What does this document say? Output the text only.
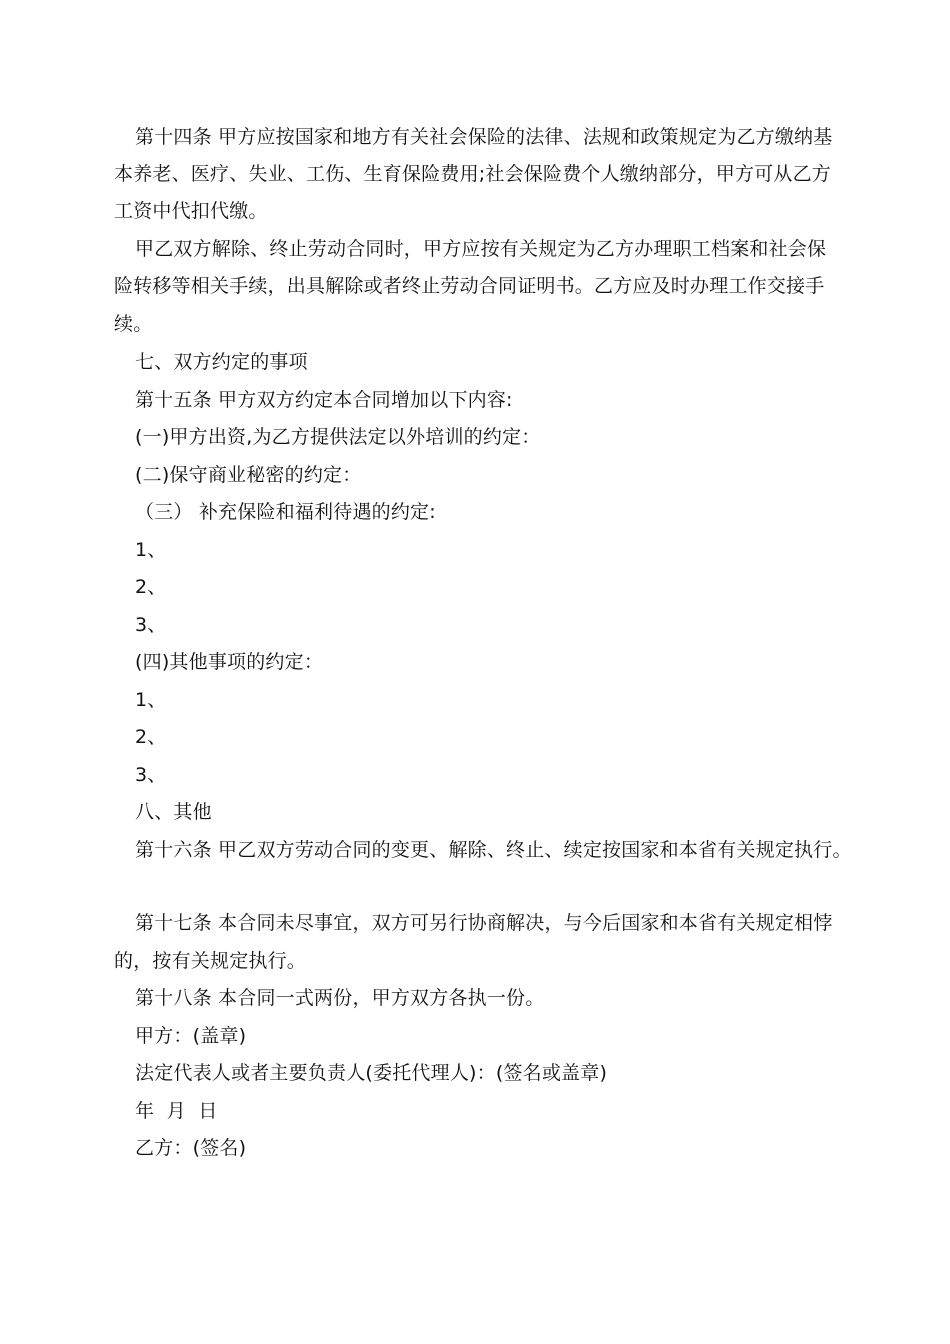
第十四条 甲方应按国家和地方有关社会保险的法律、法规和政策规定为乙方缴纳基
本养老、医疗、失业、工伤、生育保险费用;社会保险费个人缴纳部分，甲方可从乙方
工资中代扣代缴。
甲乙双方解除、终止劳动合同时，甲方应按有关规定为乙方办理职工档案和社会保
险转移等相关手续，出具解除或者终止劳动合同证明书。乙方应及时办理工作交接手
续。
七、双方约定的事项
第十五条 甲方双方约定本合同增加以下内容:
(一)甲方出资,为乙方提供法定以外培训的约定：
(二)保守商业秘密的约定：
（三） 补充保险和福利待遇的约定:
1、
2、
3、
(四)其他事项的约定：
1、
2、
3、
八、其他
第十六条 甲乙双方劳动合同的变更、解除、终止、续定按国家和本省有关规定执行。
第十七条 本合同未尽事宜，双方可另行协商解决，与今后国家和本省有关规定相悖
的，按有关规定执行。
第十八条 本合同一式两份，甲方双方各执一份。
甲方：(盖章)
法定代表人或者主要负责人(委托代理人)：(签名或盖章)
年  月  日
乙方：(签名)
